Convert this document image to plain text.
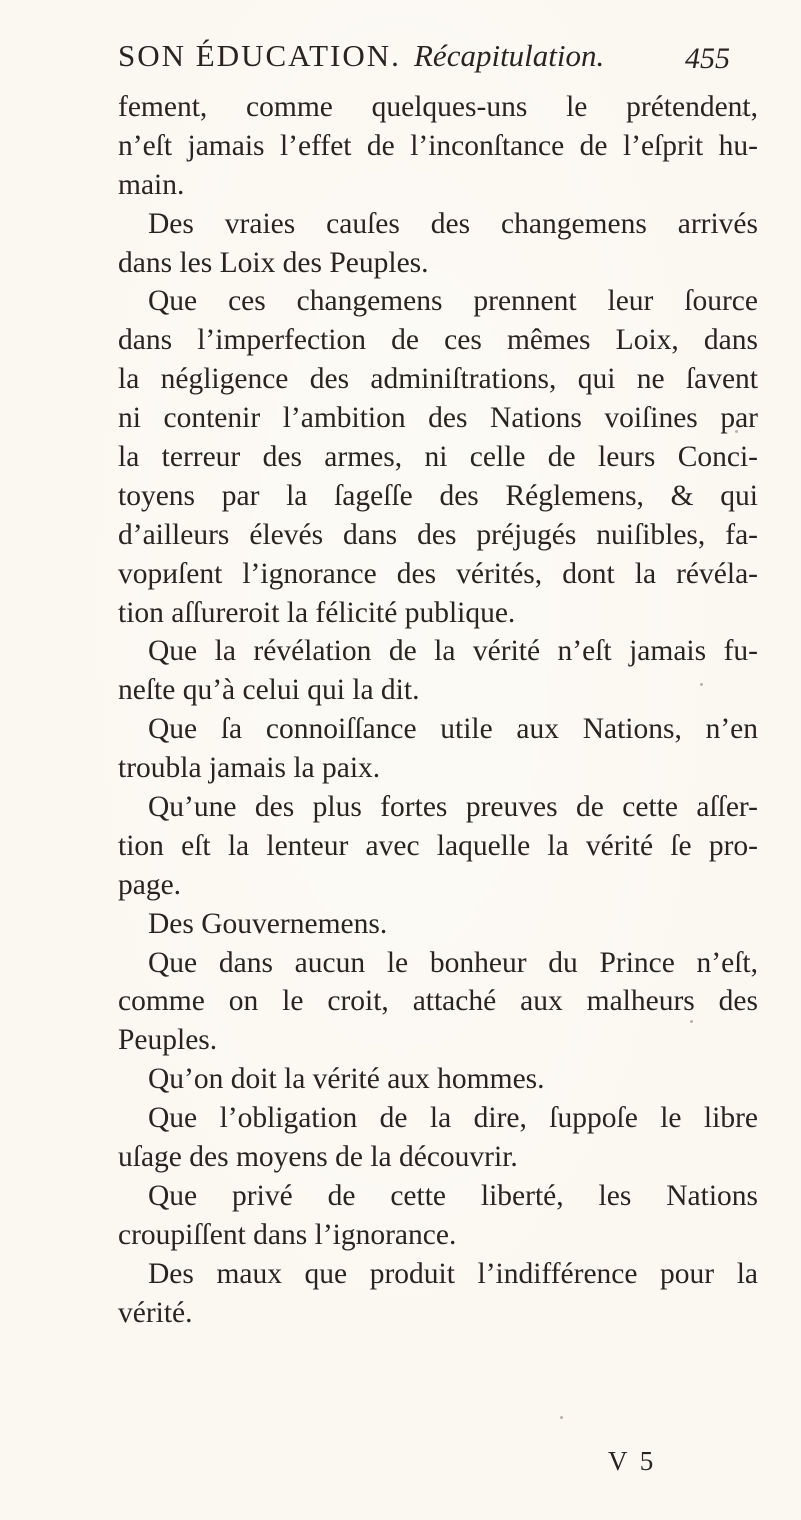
SON ÉDUCATION. Récapitulation.	455
fement, comme quelques-uns le prétendent,
n’eſt jamais l’effet de l’inconſtance de l’eſprit hu-
main.
Des vraies cauſes des changemens arrivés
dans les Loix des Peuples.
Que ces changemens prennent leur ſource
dans l’imperfection de ces mêmes Loix, dans
la négligence des adminiſtrations, qui ne ſavent
ni contenir l’ambition des Nations voiſines par
la terreur des armes, ni celle de leurs Conci-
toyens par la ſageſſe des Réglemens, & qui
d’ailleurs élevés dans des préjugés nuiſibles, fa-
vориſent l’ignorance des vérités, dont la révéla-
tion aſſureroit la félicité publique.
Que la révélation de la vérité n’eſt jamais fu-
neſte qu’à celui qui la dit.
Que ſa connoiſſance utile aux Nations, n’en
troubla jamais la paix.
Qu’une des plus fortes preuves de cette aſſer-
tion eſt la lenteur avec laquelle la vérité ſe pro-
page.
Des Gouvernemens.
Que dans aucun le bonheur du Prince n’eſt,
comme on le croit, attaché aux malheurs des
Peuples.
Qu’on doit la vérité aux hommes.
Que l’obligation de la dire, ſuppoſe le libre
uſage des moyens de la découvrir.
Que privé de cette liberté, les Nations
croupiſſent dans l’ignorance.
Des maux que produit l’indifférence pour la
vérité.
V 5
